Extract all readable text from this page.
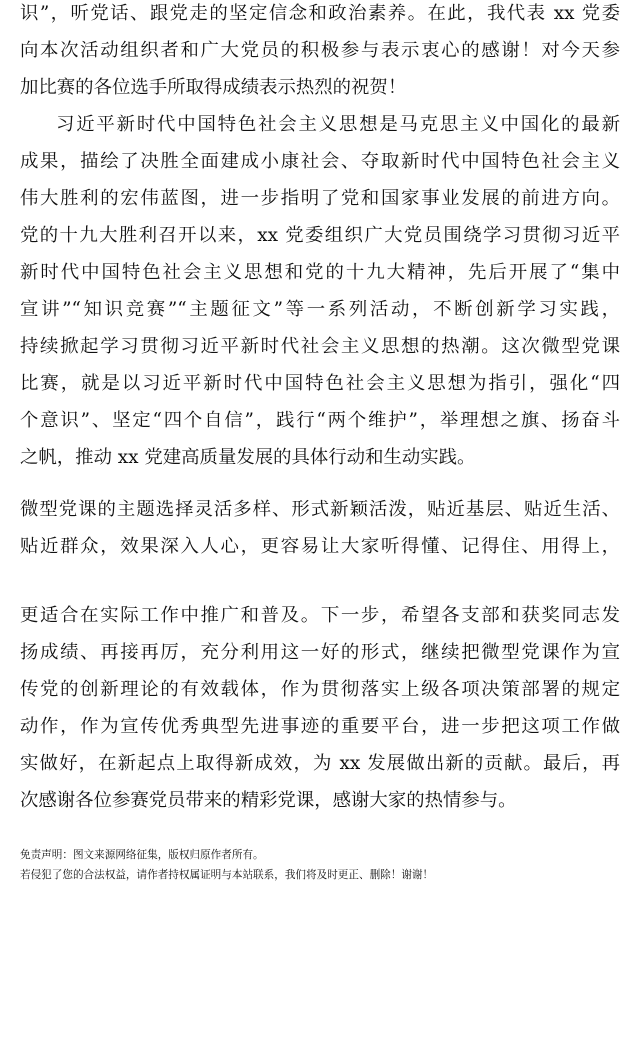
识”，听党话、跟党走的坚定信念和政治素养。在此，我代表 xx 党委
向本次活动组织者和广大党员的积极参与表示衷心的感谢！对今天参
加比赛的各位选手所取得成绩表示热烈的祝贺！
习近平新时代中国特色社会主义思想是马克思主义中国化的最新
成果，描绘了决胜全面建成小康社会、夺取新时代中国特色社会主义
伟大胜利的宏伟蓝图，进一步指明了党和国家事业发展的前进方向。
党的十九大胜利召开以来，xx 党委组织广大党员围绕学习贯彻习近平
新时代中国特色社会主义思想和党的十九大精神，先后开展了“集中
宣讲”“知识竞赛”“主题征文”等一系列活动，不断创新学习实践，
持续掀起学习贯彻习近平新时代社会主义思想的热潮。这次微型党课
比赛，就是以习近平新时代中国特色社会主义思想为指引，强化“四
个意识”、坚定“四个自信”，践行“两个维护”，举理想之旗、扬奋斗
之帆，推动 xx 党建高质量发展的具体行动和生动实践。
微型党课的主题选择灵活多样、形式新颖活泼，贴近基层、贴近生活、
贴近群众，效果深入人心，更容易让大家听得懂、记得住、用得上，
更适合在实际工作中推广和普及。下一步，希望各支部和获奖同志发
扬成绩、再接再厉，充分利用这一好的形式，继续把微型党课作为宣
传党的创新理论的有效载体，作为贯彻落实上级各项决策部署的规定
动作，作为宣传优秀典型先进事迹的重要平台，进一步把这项工作做
实做好，在新起点上取得新成效，为 xx 发展做出新的贡献。最后，再
次感谢各位参赛党员带来的精彩党课，感谢大家的热情参与。
免责声明：图文来源网络征集，版权归原作者所有。
若侵犯了您的合法权益，请作者持权属证明与本站联系，我们将及时更正、删除！谢谢！
